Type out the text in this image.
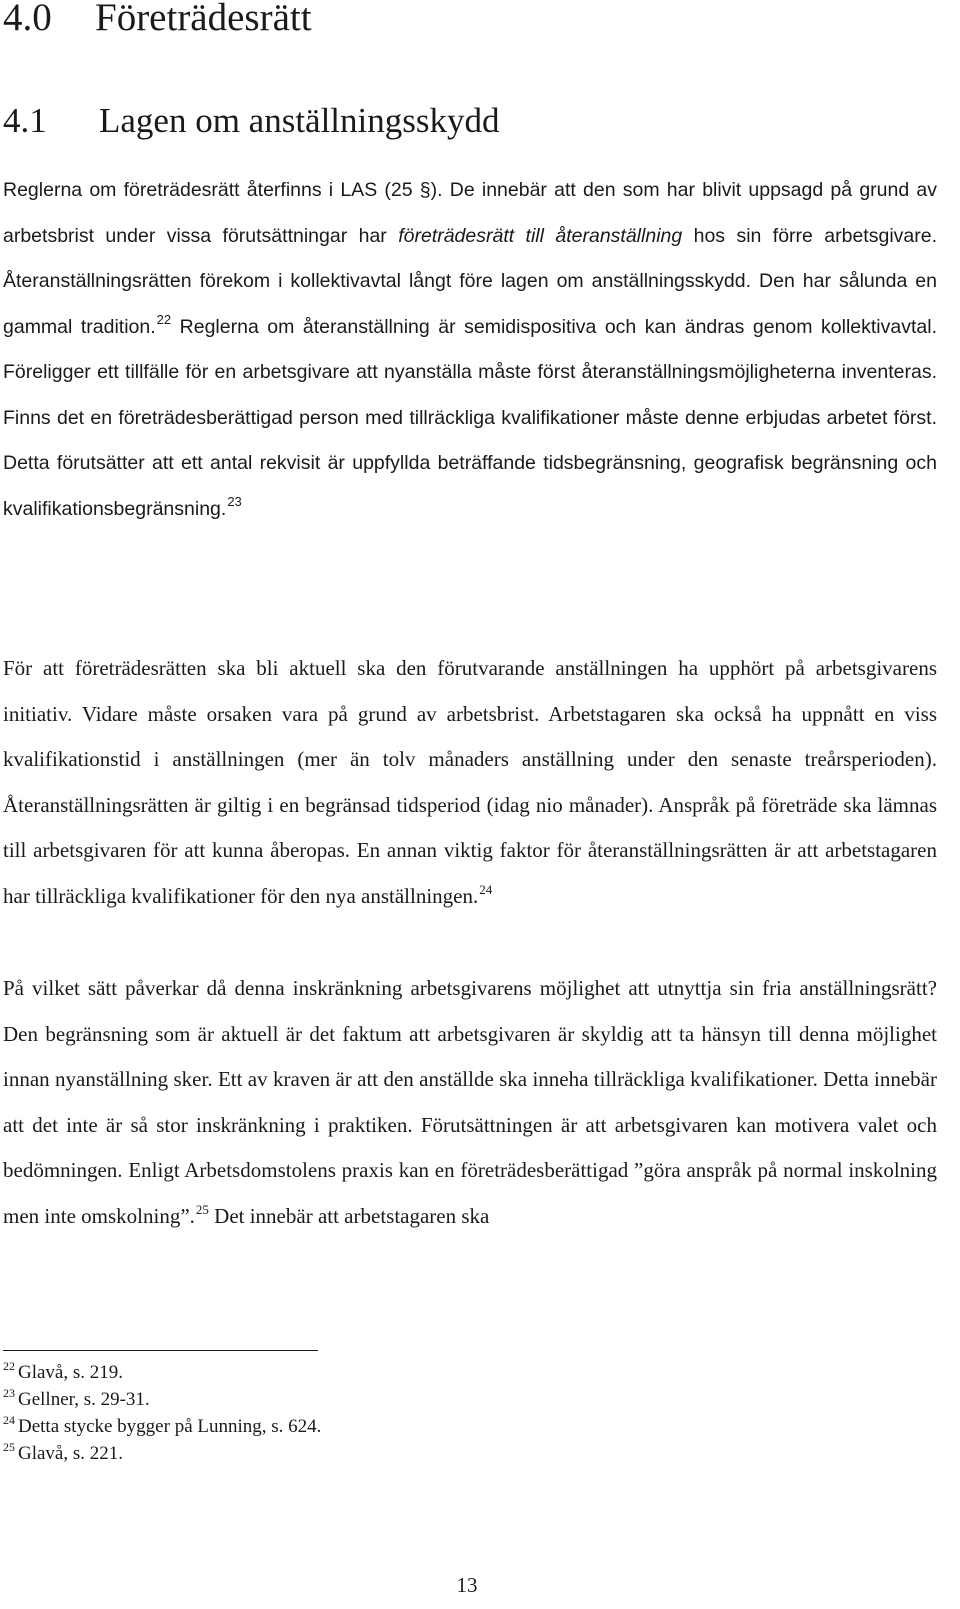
4.0 Företrädesrätt
4.1 Lagen om anställningsskydd

Reglerna om företrädesrätt återfinns i LAS (25 §). De innebär att den som har blivit uppsagd på grund av arbetsbrist under vissa förutsättningar har företrädesrätt till återanställning hos sin förre arbetsgivare. Återanställningsrätten förekom i kollektivavtal långt före lagen om anställningsskydd. Den har sålunda en gammal tradition.$^{22}$ Reglerna om återanställning är semidispositiva och kan ändras genom kollektivavtal. Föreligger ett tillfälle för en arbetsgivare att nyanställa måste först återanställningsmöjligheterna inventeras. Finns det en företrädesberättigad person med tillräckliga kvalifikationer måste denne erbjudas arbetet först. Detta förutsätter att ett antal rekvisit är uppfyllda beträffande tidsbegränsning, geografisk begränsning och kvalifikationsbegränsning.$^{23}$

För att företrädesrätten ska bli aktuell ska den förutvarande anställningen ha upphört på arbetsgivarens initiativ. Vidare måste orsaken vara på grund av arbetsbrist. Arbetstagaren ska också ha uppnått en viss kvalifikationstid i anställningen (mer än tolv månaders anställning under den senaste treårsperioden). Återanställningsrätten är giltig i en begränsad tidsperiod (idag nio månader). Anspråk på företräde ska lämnas till arbetsgivaren för att kunna åberopas. En annan viktig faktor för återanställningsrätten är att arbetstagaren har tillräckliga kvalifikationer för den nya anställningen.$^{24}$

På vilket sätt påverkar då denna inskränkning arbetsgivarens möjlighet att utnyttja sin fria anställningsrätt? Den begränsning som är aktuell är det faktum att arbetsgivaren är skyldig att ta hänsyn till denna möjlighet innan nyanställning sker. Ett av kraven är att den anställde ska inneha tillräckliga kvalifikationer. Detta innebär att det inte är så stor inskränkning i praktiken. Förutsättningen är att arbetsgivaren kan motivera valet och bedömningen. Enligt Arbetsdomstolens praxis kan en företrädesberättigad ”göra anspråk på normal inskolning men inte omskolning”.$^{25}$ Det innebär att arbetstagaren ska

$^{22}$ Glavå, s. 219.
$^{23}$ Gellner, s. 29-31.
$^{24}$ Detta stycke bygger på Lunning, s. 624.
$^{25}$ Glavå, s. 221.
13
